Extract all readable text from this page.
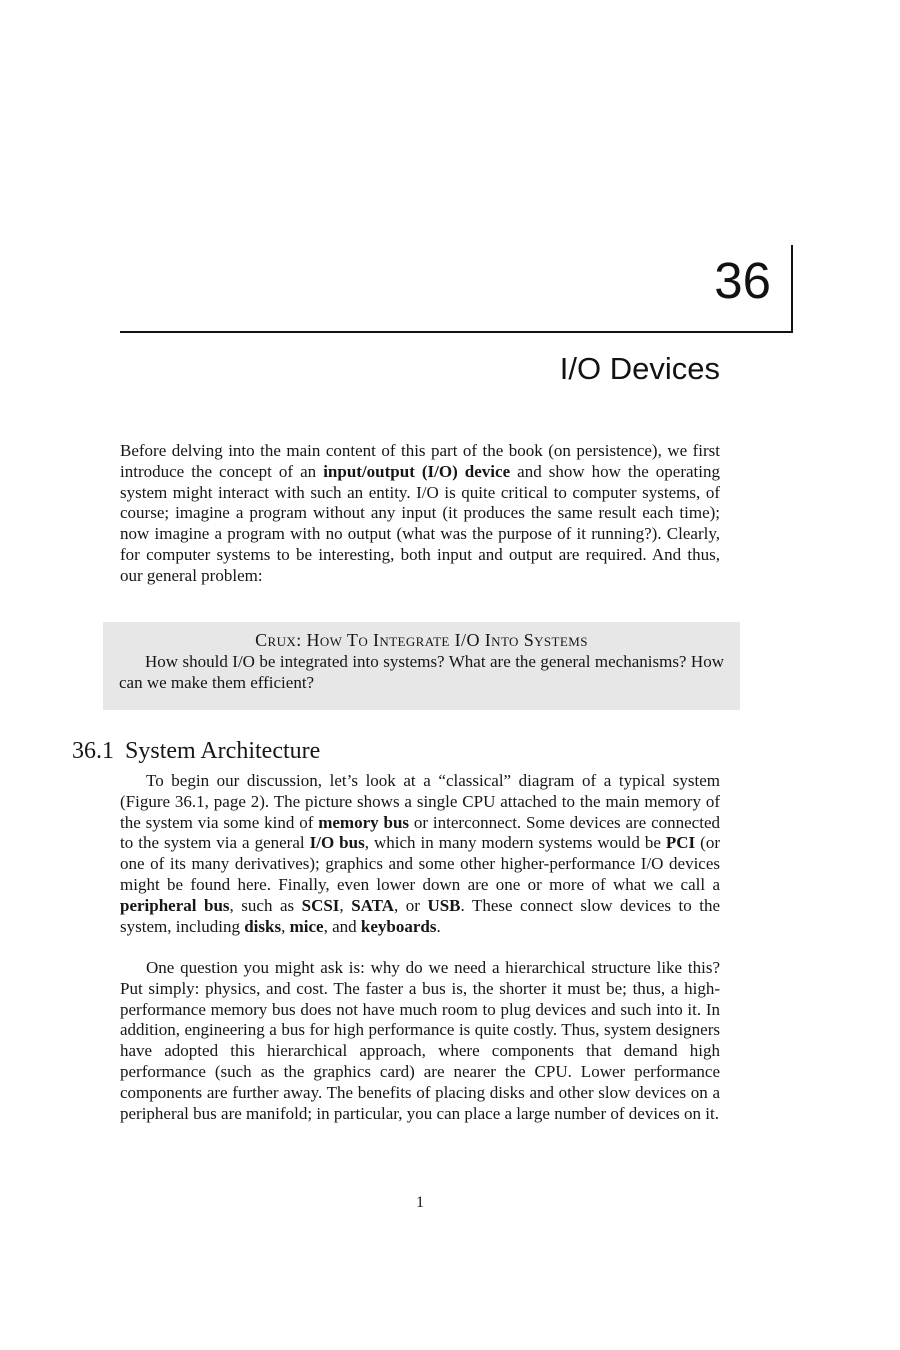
36
I/O Devices
Before delving into the main content of this part of the book (on persistence), we first introduce the concept of an input/output (I/O) device and show how the operating system might interact with such an entity. I/O is quite critical to computer systems, of course; imagine a program without any input (it produces the same result each time); now imagine a program with no output (what was the purpose of it running?). Clearly, for computer systems to be interesting, both input and output are required. And thus, our general problem:
Crux: How To Integrate I/O Into Systems
How should I/O be integrated into systems? What are the general mechanisms? How can we make them efficient?
36.1 System Architecture
To begin our discussion, let’s look at a “classical” diagram of a typical system (Figure 36.1, page 2). The picture shows a single CPU attached to the main memory of the system via some kind of memory bus or interconnect. Some devices are connected to the system via a general I/O bus, which in many modern systems would be PCI (or one of its many derivatives); graphics and some other higher-performance I/O devices might be found here. Finally, even lower down are one or more of what we call a peripheral bus, such as SCSI, SATA, or USB. These connect slow devices to the system, including disks, mice, and keyboards.
One question you might ask is: why do we need a hierarchical structure like this? Put simply: physics, and cost. The faster a bus is, the shorter it must be; thus, a high-performance memory bus does not have much room to plug devices and such into it. In addition, engineering a bus for high performance is quite costly. Thus, system designers have adopted this hierarchical approach, where components that demand high performance (such as the graphics card) are nearer the CPU. Lower performance components are further away. The benefits of placing disks and other slow devices on a peripheral bus are manifold; in particular, you can place a large number of devices on it.
1
